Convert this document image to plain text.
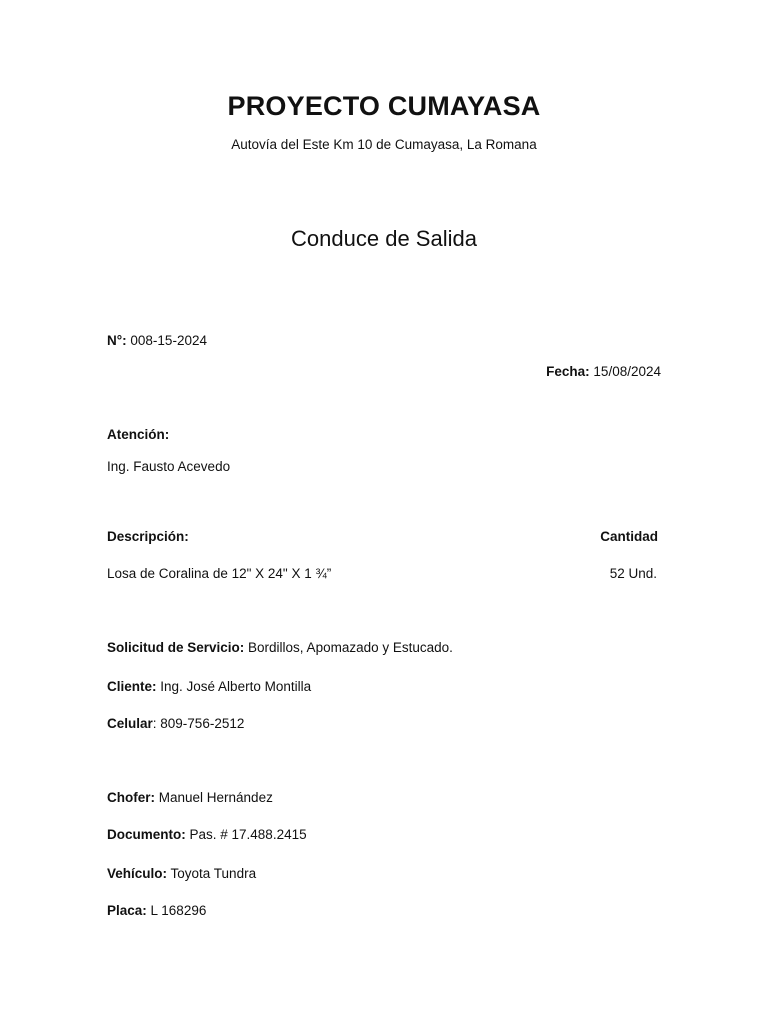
PROYECTO CUMAYASA

Autovía del Este Km 10 de Cumayasa, La Romana

Conduce de Salida

N°: 008-15-2024

Fecha: 15/08/2024

Atención:

Ing. Fausto Acevedo

Descripción:	Cantidad

Losa de Coralina de 12" X 24" X 1 ¾”	52 Und.

Solicitud de Servicio: Bordillos, Apomazado y Estucado.

Cliente: Ing. José Alberto Montilla

Celular: 809-756-2512

Chofer: Manuel Hernández

Documento: Pas. # 17.488.2415

Vehículo: Toyota Tundra

Placa: L 168296
